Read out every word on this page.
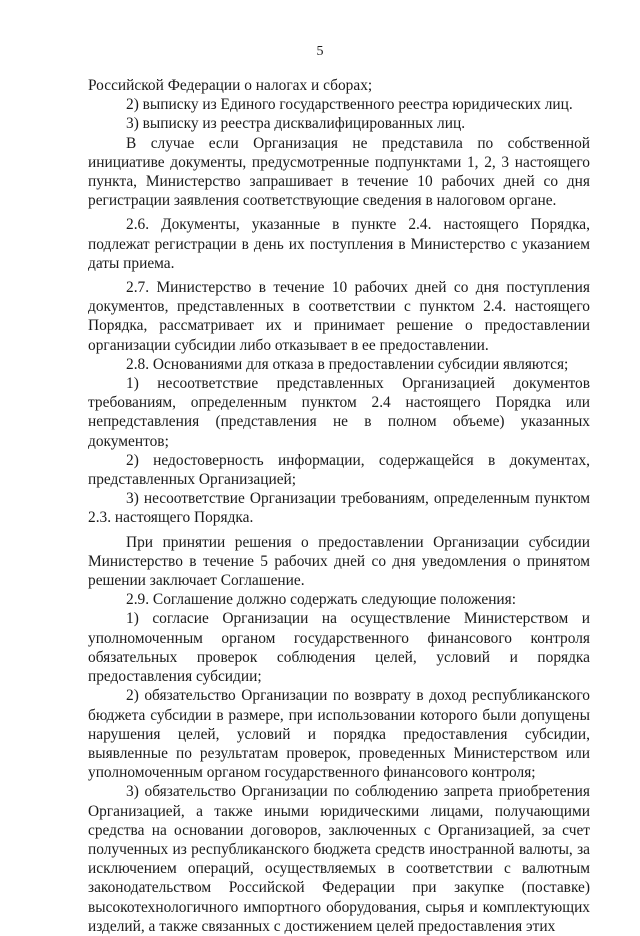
5

Российской Федерации о налогах и сборах;

2) выписку из Единого государственного реестра юридических лиц.

3) выписку из реестра дисквалифицированных лиц.

В случае если Организация не представила по собственной инициативе документы, предусмотренные подпунктами 1, 2, 3 настоящего пункта, Министерство запрашивает в течение 10 рабочих дней со дня регистрации заявления соответствующие сведения в налоговом органе.

2.6. Документы, указанные в пункте 2.4. настоящего Порядка, подлежат регистрации в день их поступления в Министерство с указанием даты приема.

2.7. Министерство в течение 10 рабочих дней со дня поступления документов, представленных в соответствии с пунктом 2.4. настоящего Порядка, рассматривает их и принимает решение о предоставлении организации субсидии либо отказывает в ее предоставлении.

2.8. Основаниями для отказа в предоставлении субсидии являются;

1) несоответствие представленных Организацией документов требованиям, определенным пунктом 2.4 настоящего Порядка или непредставления (представления не в полном объеме) указанных документов;

2) недостоверность информации, содержащейся в документах, представленных Организацией;

3) несоответствие Организации требованиям, определенным пунктом 2.3. настоящего Порядка.

При принятии решения о предоставлении Организации субсидии Министерство в течение 5 рабочих дней со дня уведомления о принятом решении заключает Соглашение.

2.9. Соглашение должно содержать следующие положения:

1) согласие Организации на осуществление Министерством и уполномоченным органом государственного финансового контроля обязательных проверок соблюдения целей, условий и порядка предоставления субсидии;

2) обязательство Организации по возврату в доход республиканского бюджета субсидии в размере, при использовании которого были допущены нарушения целей, условий и порядка предоставления субсидии, выявленные по результатам проверок, проведенных Министерством или уполномоченным органом государственного финансового контроля;

3) обязательство Организации по соблюдению запрета приобретения Организацией, а также иными юридическими лицами, получающими средства на основании договоров, заключенных с Организацией, за счет полученных из республиканского бюджета средств иностранной валюты, за исключением операций, осуществляемых в соответствии с валютным законодательством Российской Федерации при закупке (поставке) высокотехнологичного импортного оборудования, сырья и комплектующих изделий, а также связанных с достижением целей предоставления этих
